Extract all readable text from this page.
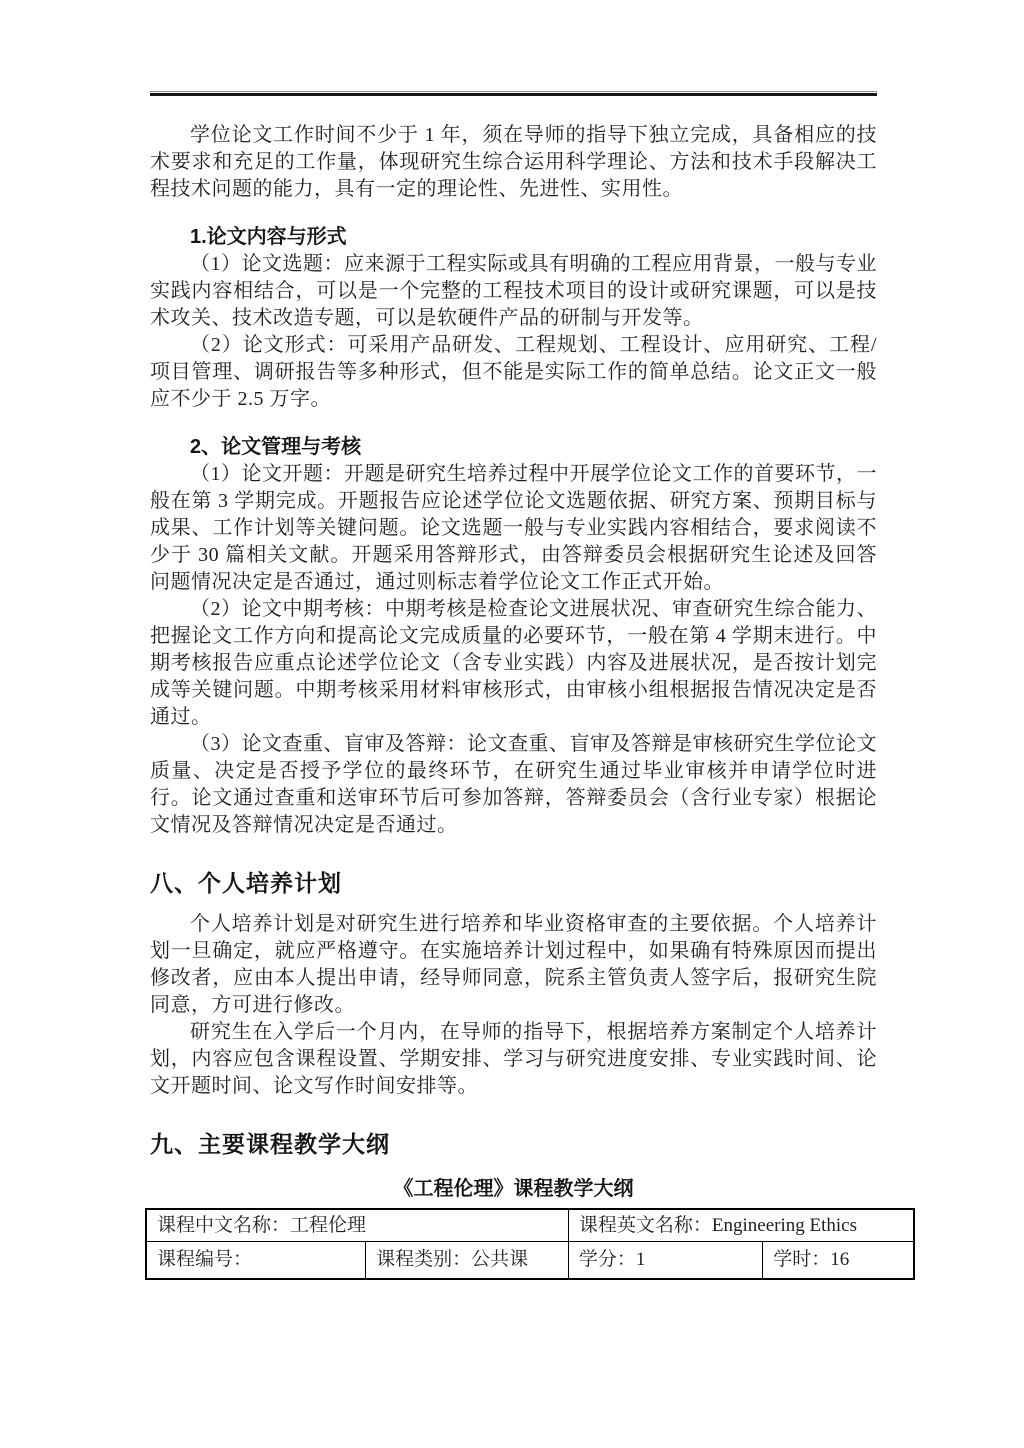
学位论文工作时间不少于 1 年，须在导师的指导下独立完成，具备相应的技术要求和充足的工作量，体现研究生综合运用科学理论、方法和技术手段解决工程技术问题的能力，具有一定的理论性、先进性、实用性。

1.论文内容与形式

（1）论文选题：应来源于工程实际或具有明确的工程应用背景，一般与专业实践内容相结合，可以是一个完整的工程技术项目的设计或研究课题，可以是技术攻关、技术改造专题，可以是软硬件产品的研制与开发等。

（2）论文形式：可采用产品研发、工程规划、工程设计、应用研究、工程/项目管理、调研报告等多种形式，但不能是实际工作的简单总结。论文正文一般应不少于 2.5 万字。

2、论文管理与考核

（1）论文开题：开题是研究生培养过程中开展学位论文工作的首要环节，一般在第 3 学期完成。开题报告应论述学位论文选题依据、研究方案、预期目标与成果、工作计划等关键问题。论文选题一般与专业实践内容相结合，要求阅读不少于 30 篇相关文献。开题采用答辩形式，由答辩委员会根据研究生论述及回答问题情况决定是否通过，通过则标志着学位论文工作正式开始。

（2）论文中期考核：中期考核是检查论文进展状况、审查研究生综合能力、把握论文工作方向和提高论文完成质量的必要环节，一般在第 4 学期末进行。中期考核报告应重点论述学位论文（含专业实践）内容及进展状况，是否按计划完成等关键问题。中期考核采用材料审核形式，由审核小组根据报告情况决定是否通过。

（3）论文查重、盲审及答辩：论文查重、盲审及答辩是审核研究生学位论文质量、决定是否授予学位的最终环节，在研究生通过毕业审核并申请学位时进行。论文通过查重和送审环节后可参加答辩，答辩委员会（含行业专家）根据论文情况及答辩情况决定是否通过。

八、个人培养计划

个人培养计划是对研究生进行培养和毕业资格审查的主要依据。个人培养计划一旦确定，就应严格遵守。在实施培养计划过程中，如果确有特殊原因而提出修改者，应由本人提出申请，经导师同意，院系主管负责人签字后，报研究生院同意，方可进行修改。

研究生在入学后一个月内，在导师的指导下，根据培养方案制定个人培养计划，内容应包含课程设置、学期安排、学习与研究进度安排、专业实践时间、论文开题时间、论文写作时间安排等。

九、主要课程教学大纲
《工程伦理》课程教学大纲
课程中文名称：工程伦理		课程英文名称：Engineering Ethics	
课程编号：	课程类别：公共课	学分：1	学时：16
